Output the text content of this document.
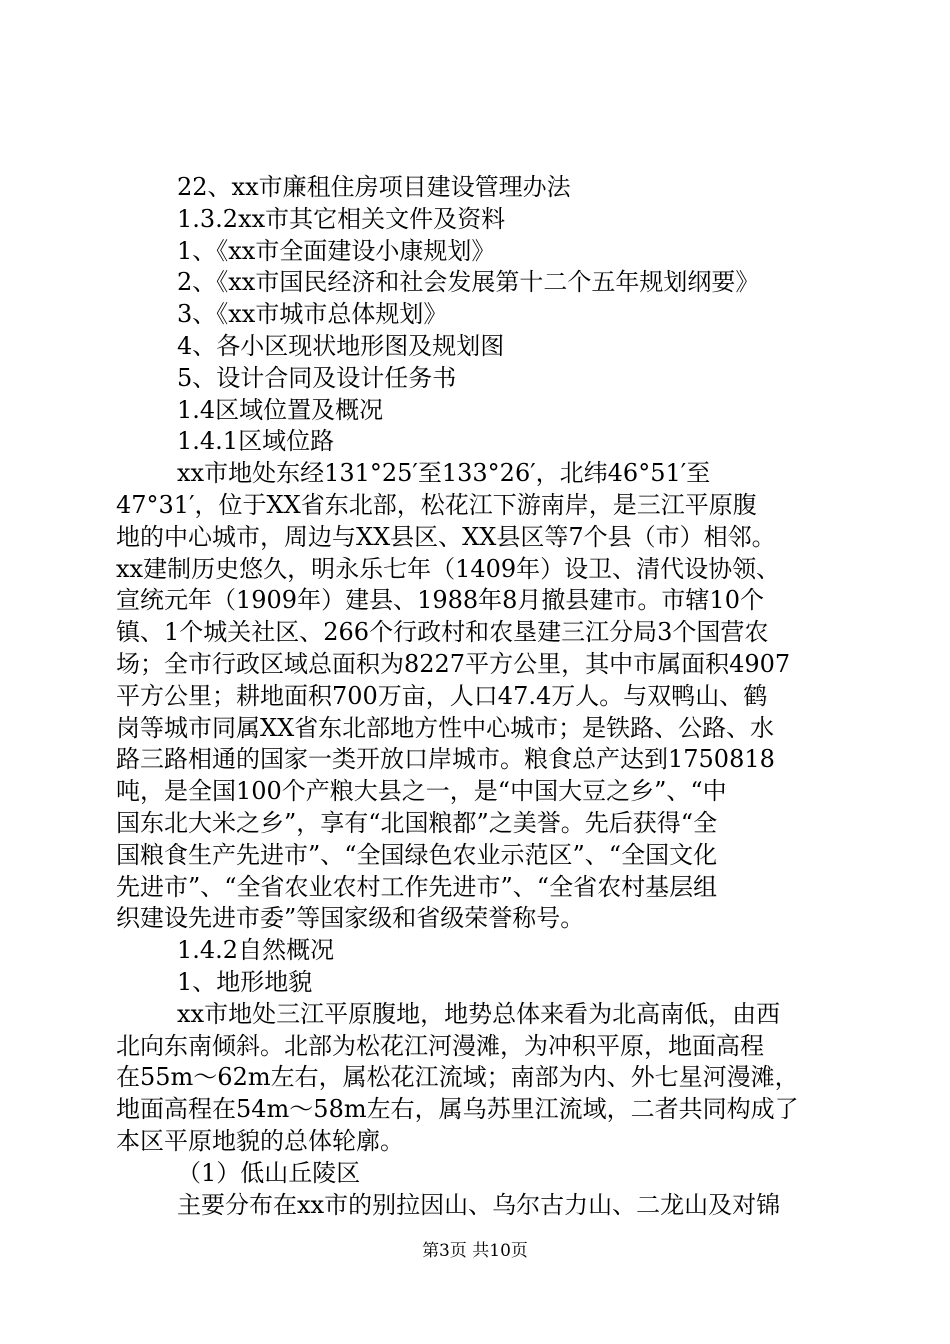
22、xx市廉租住房项目建设管理办法
1.3.2xx市其它相关文件及资料
1、《xx市全面建设小康规划》
2、《xx市国民经济和社会发展第十二个五年规划纲要》
3、《xx市城市总体规划》
4、各小区现状地形图及规划图
5、设计合同及设计任务书
1.4区域位置及概况
1.4.1区域位路
xx市地处东经131°25′至133°26′，北纬46°51′至
47°31′，位于XX省东北部，松花江下游南岸，是三江平原腹
地的中心城市，周边与XX县区、XX县区等7个县（市）相邻。
xx建制历史悠久，明永乐七年（1409年）设卫、清代设协领、
宣统元年（1909年）建县、1988年8月撤县建市。市辖10个
镇、1个城关社区、266个行政村和农垦建三江分局3个国营农
场；全市行政区域总面积为8227平方公里，其中市属面积4907
平方公里；耕地面积700万亩，人口47.4万人。与双鸭山、鹤
岗等城市同属XX省东北部地方性中心城市；是铁路、公路、水
路三路相通的国家一类开放口岸城市。粮食总产达到1750818
吨，是全国100个产粮大县之一，是“中国大豆之乡”、“中
国东北大米之乡”，享有“北国粮都”之美誉。先后获得“全
国粮食生产先进市”、“全国绿色农业示范区”、“全国文化
先进市”、“全省农业农村工作先进市”、“全省农村基层组
织建设先进市委”等国家级和省级荣誉称号。
1.4.2自然概况
1、地形地貌
xx市地处三江平原腹地，地势总体来看为北高南低，由西
北向东南倾斜。北部为松花江河漫滩，为冲积平原，地面高程
在55m～62m左右，属松花江流域；南部为内、外七星河漫滩，
地面高程在54m～58m左右，属乌苏里江流域，二者共同构成了
本区平原地貌的总体轮廓。
（1）低山丘陵区
主要分布在xx市的别拉因山、乌尔古力山、二龙山及对锦
第3页 共10页
